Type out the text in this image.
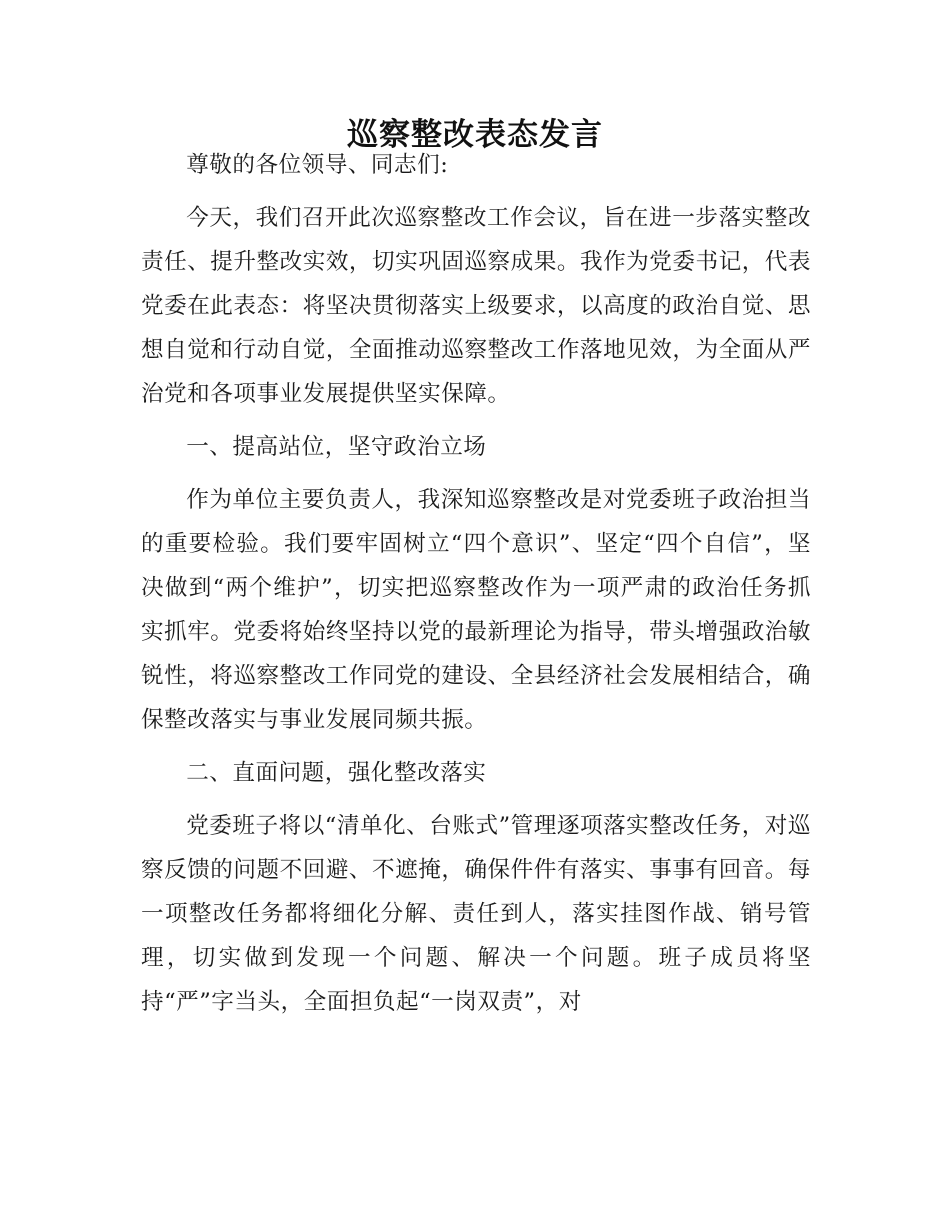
巡察整改表态发言

尊敬的各位领导、同志们:

今天，我们召开此次巡察整改工作会议，旨在进一步落实整改责任、提升整改实效，切实巩固巡察成果。我作为党委书记，代表党委在此表态：将坚决贯彻落实上级要求，以高度的政治自觉、思想自觉和行动自觉，全面推动巡察整改工作落地见效，为全面从严治党和各项事业发展提供坚实保障。

一、提高站位，坚守政治立场

作为单位主要负责人，我深知巡察整改是对党委班子政治担当的重要检验。我们要牢固树立“四个意识”、坚定“四个自信”，坚决做到“两个维护”，切实把巡察整改作为一项严肃的政治任务抓实抓牢。党委将始终坚持以党的最新理论为指导，带头增强政治敏锐性，将巡察整改工作同党的建设、全县经济社会发展相结合，确保整改落实与事业发展同频共振。

二、直面问题，强化整改落实

党委班子将以“清单化、台账式”管理逐项落实整改任务，对巡察反馈的问题不回避、不遮掩，确保件件有落实、事事有回音。每一项整改任务都将细化分解、责任到人，落实挂图作战、销号管理，切实做到发现一个问题、解决一个问题。班子成员将坚持“严”字当头，全面担负起“一岗双责”，对
